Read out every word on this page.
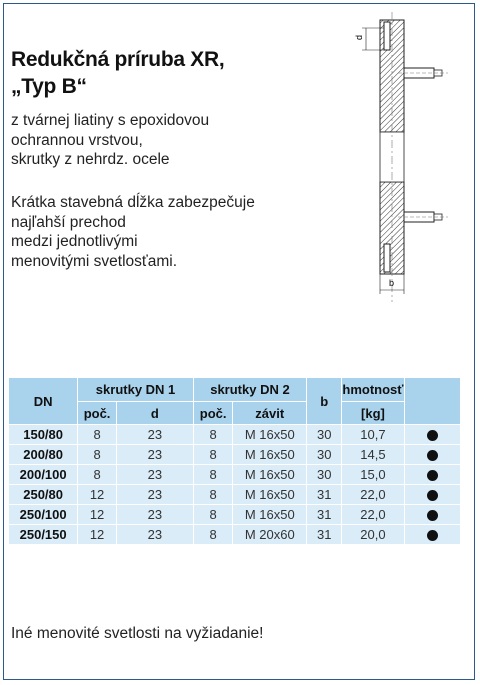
Redukčná príruba XR,
„Typ B“

z tvárnej liatiny s epoxidovou
ochrannou vrstvou,
skrutky z nehrdz. ocele

Krátka stavebná dĺžka zabezpečuje
najľahší prechod
medzi jednotlivými
menovitými svetlosťami.

d
b
DN	skrutky DN 1		skrutky DN 2		b	hmotnosť	
	poč.	d	poč.	závit		[kg]	
150/80	8	23	8	M 16x50	30	10,7	
200/80	8	23	8	M 16x50	30	14,5	
200/100	8	23	8	M 16x50	30	15,0	
250/80	12	23	8	M 16x50	31	22,0	
250/100	12	23	8	M 16x50	31	22,0	
250/150	12	23	8	M 20x60	31	20,0	

Iné menovité svetlosti na vyžiadanie!
